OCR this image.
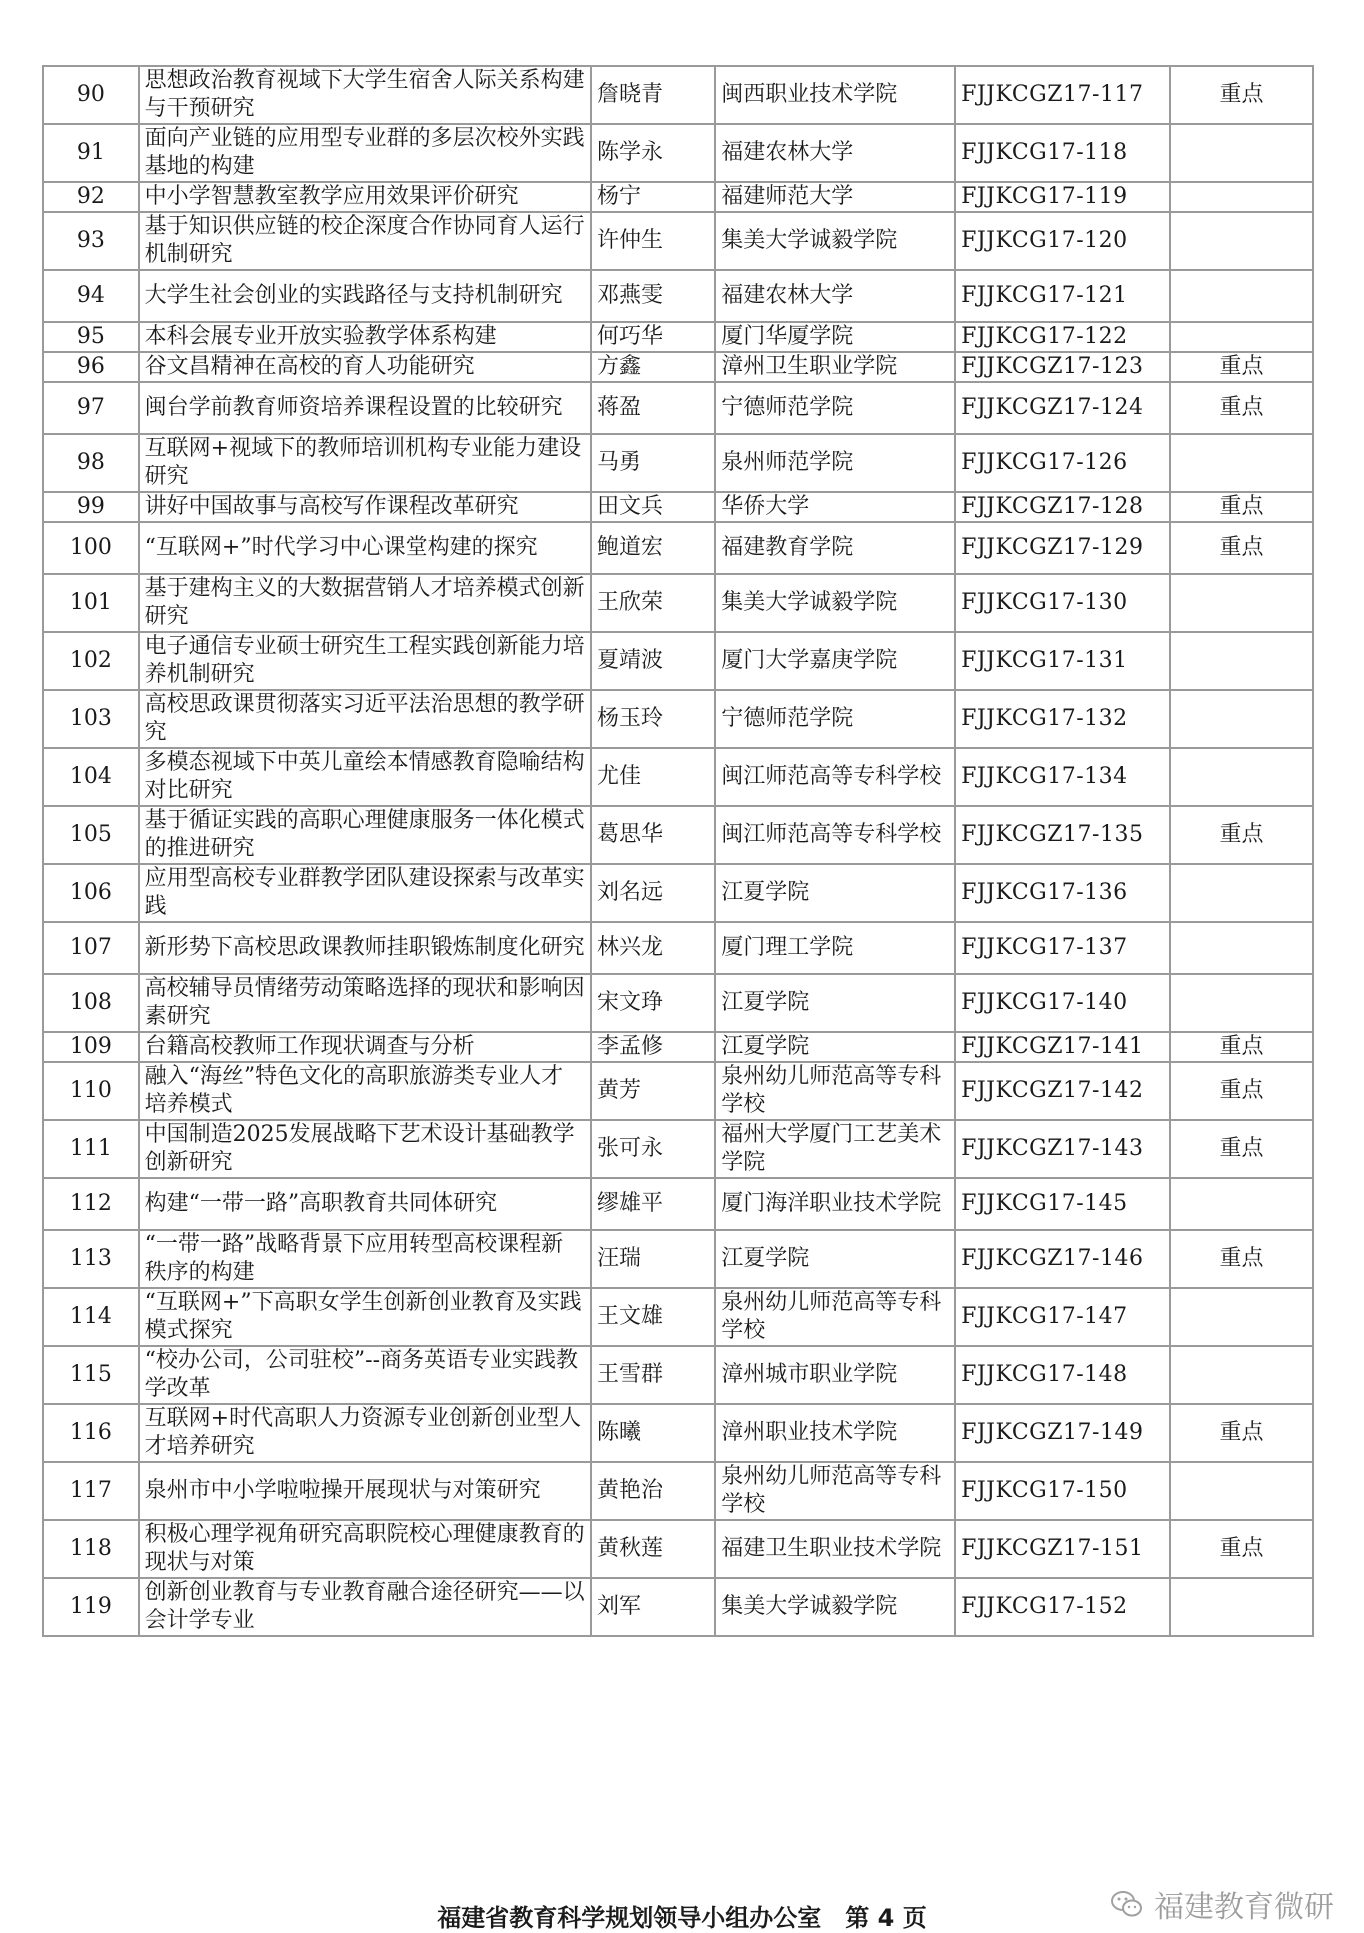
90	思想政治教育视域下大学生宿舍人际关系构建与干预研究	詹晓青	闽西职业技术学院	FJJKCGZ17-117	重点
91	面向产业链的应用型专业群的多层次校外实践基地的构建	陈学永	福建农林大学	FJJKCG17-118	
92	中小学智慧教室教学应用效果评价研究	杨宁	福建师范大学	FJJKCG17-119	
93	基于知识供应链的校企深度合作协同育人运行机制研究	许仲生	集美大学诚毅学院	FJJKCG17-120	
94	大学生社会创业的实践路径与支持机制研究	邓燕雯	福建农林大学	FJJKCG17-121	
95	本科会展专业开放实验教学体系构建	何巧华	厦门华厦学院	FJJKCG17-122	
96	谷文昌精神在高校的育人功能研究	方鑫	漳州卫生职业学院	FJJKCGZ17-123	重点
97	闽台学前教育师资培养课程设置的比较研究	蒋盈	宁德师范学院	FJJKCGZ17-124	重点
98	互联网+视域下的教师培训机构专业能力建设研究	马勇	泉州师范学院	FJJKCG17-126	
99	讲好中国故事与高校写作课程改革研究	田文兵	华侨大学	FJJKCGZ17-128	重点
100	“互联网+”时代学习中心课堂构建的探究	鲍道宏	福建教育学院	FJJKCGZ17-129	重点
101	基于建构主义的大数据营销人才培养模式创新研究	王欣荣	集美大学诚毅学院	FJJKCG17-130	
102	电子通信专业硕士研究生工程实践创新能力培养机制研究	夏靖波	厦门大学嘉庚学院	FJJKCG17-131	
103	高校思政课贯彻落实习近平法治思想的教学研究	杨玉玲	宁德师范学院	FJJKCG17-132	
104	多模态视域下中英儿童绘本情感教育隐喻结构对比研究	尤佳	闽江师范高等专科学校	FJJKCG17-134	
105	基于循证实践的高职心理健康服务一体化模式的推进研究	葛思华	闽江师范高等专科学校	FJJKCGZ17-135	重点
106	应用型高校专业群教学团队建设探索与改革实践	刘名远	江夏学院	FJJKCG17-136	
107	新形势下高校思政课教师挂职锻炼制度化研究	林兴龙	厦门理工学院	FJJKCG17-137	
108	高校辅导员情绪劳动策略选择的现状和影响因素研究	宋文琤	江夏学院	FJJKCG17-140	
109	台籍高校教师工作现状调查与分析	李孟修	江夏学院	FJJKCGZ17-141	重点
110	融入“海丝”特色文化的高职旅游类专业人才培养模式	黄芳	泉州幼儿师范高等专科学校	FJJKCGZ17-142	重点
111	中国制造2025发展战略下艺术设计基础教学创新研究	张可永	福州大学厦门工艺美术学院	FJJKCGZ17-143	重点
112	构建“一带一路”高职教育共同体研究	缪雄平	厦门海洋职业技术学院	FJJKCG17-145	
113	“一带一路”战略背景下应用转型高校课程新秩序的构建	汪瑞	江夏学院	FJJKCGZ17-146	重点
114	“互联网+”下高职女学生创新创业教育及实践模式探究	王文雄	泉州幼儿师范高等专科学校	FJJKCG17-147	
115	“校办公司，公司驻校”--商务英语专业实践教学改革	王雪群	漳州城市职业学院	FJJKCG17-148	
116	互联网+时代高职人力资源专业创新创业型人才培养研究	陈曦	漳州职业技术学院	FJJKCGZ17-149	重点
117	泉州市中小学啦啦操开展现状与对策研究	黄艳治	泉州幼儿师范高等专科学校	FJJKCG17-150	
118	积极心理学视角研究高职院校心理健康教育的现状与对策	黄秋莲	福建卫生职业技术学院	FJJKCGZ17-151	重点
119	创新创业教育与专业教育融合途径研究——以会计学专业	刘军	集美大学诚毅学院	FJJKCG17-152	
福建省教育科学规划领导小组办公室 第 4 页	福建教育微研
